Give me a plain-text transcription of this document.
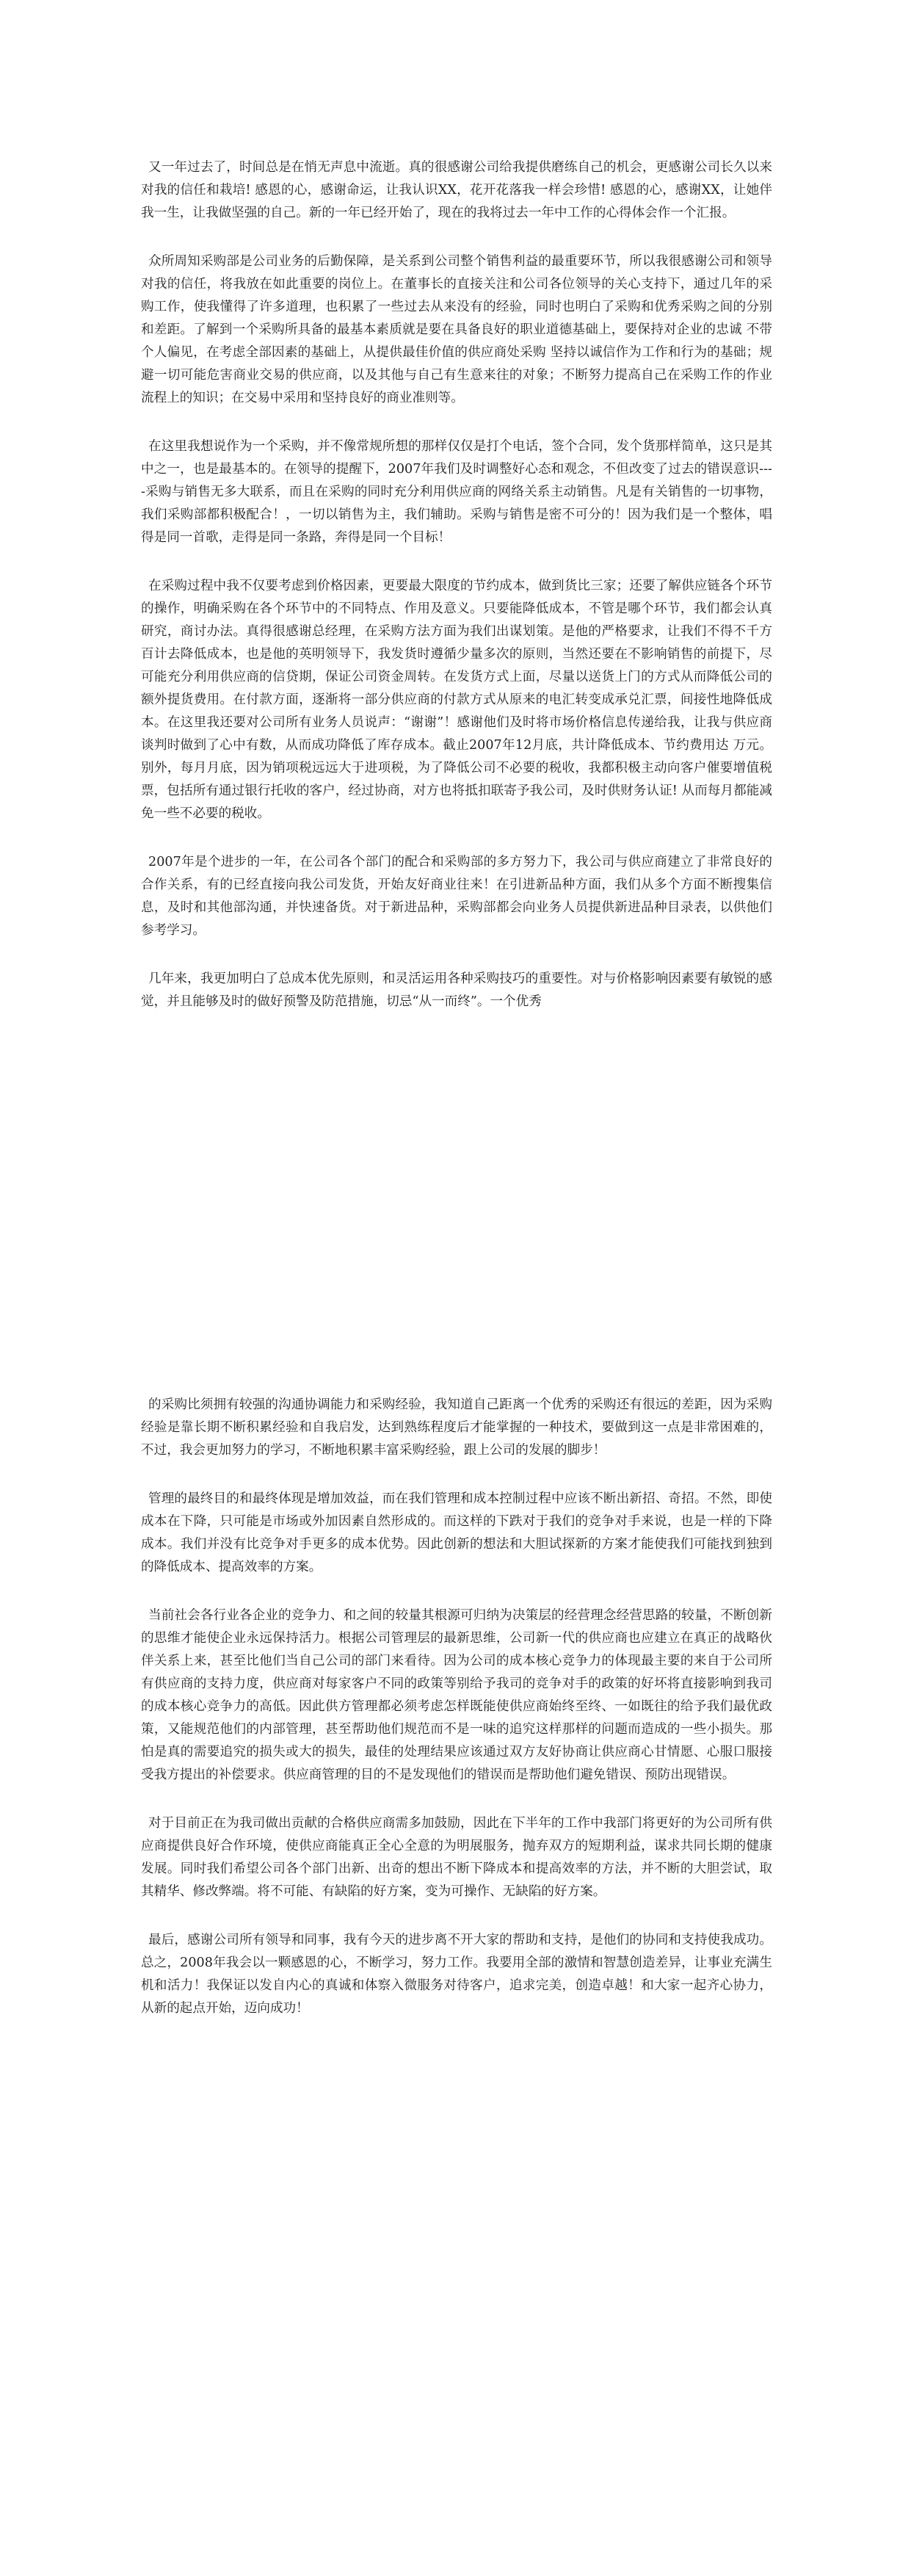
又一年过去了，时间总是在悄无声息中流逝。真的很感谢公司给我提供磨练自己的机会，更感谢公司长久以来对我的信任和栽培! 感恩的心，感谢命运，让我认识XX，花开花落我一样会珍惜! 感恩的心，感谢XX，让她伴我一生，让我做坚强的自己。新的一年已经开始了，现在的我将过去一年中工作的心得体会作一个汇报。

众所周知采购部是公司业务的后勤保障，是关系到公司整个销售利益的最重要环节，所以我很感谢公司和领导对我的信任，将我放在如此重要的岗位上。在董事长的直接关注和公司各位领导的关心支持下，通过几年的采购工作，使我懂得了许多道理，也积累了一些过去从来没有的经验，同时也明白了采购和优秀采购之间的分别和差距。了解到一个采购所具备的最基本素质就是要在具备良好的职业道德基础上，要保持对企业的忠诚 不带个人偏见，在考虑全部因素的基础上，从提供最佳价值的供应商处采购 坚持以诚信作为工作和行为的基础；规避一切可能危害商业交易的供应商，以及其他与自己有生意来往的对象；不断努力提高自己在采购工作的作业流程上的知识；在交易中采用和坚持良好的商业准则等。

在这里我想说作为一个采购，并不像常规所想的那样仅仅是打个电话，签个合同，发个货那样简单，这只是其中之一，也是最基本的。在领导的提醒下，2007年我们及时调整好心态和观念，不但改变了过去的错误意识----采购与销售无多大联系，而且在采购的同时充分利用供应商的网络关系主动销售。凡是有关销售的一切事物，我们采购部都积极配合！，一切以销售为主，我们辅助。采购与销售是密不可分的！因为我们是一个整体，唱得是同一首歌，走得是同一条路，奔得是同一个目标！

在采购过程中我不仅要考虑到价格因素，更要最大限度的节约成本，做到货比三家；还要了解供应链各个环节的操作，明确采购在各个环节中的不同特点、作用及意义。只要能降低成本，不管是哪个环节，我们都会认真研究，商讨办法。真得很感谢总经理，在采购方法方面为我们出谋划策。是他的严格要求，让我们不得不千方百计去降低成本，也是他的英明领导下，我发货时遵循少量多次的原则，当然还要在不影响销售的前提下，尽可能充分利用供应商的信贷期，保证公司资金周转。在发货方式上面，尽量以送货上门的方式从而降低公司的额外提货费用。在付款方面，逐渐将一部分供应商的付款方式从原来的电汇转变成承兑汇票，间接性地降低成本。在这里我还要对公司所有业务人员说声：“谢谢”！感谢他们及时将市场价格信息传递给我，让我与供应商谈判时做到了心中有数，从而成功降低了库存成本。截止2007年12月底，共计降低成本、节约费用达 万元。别外，每月月底，因为销项税远远大于进项税，为了降低公司不必要的税收，我都积极主动向客户催要增值税票，包括所有通过银行托收的客户，经过协商，对方也将抵扣联寄予我公司，及时供财务认证! 从而每月都能减免一些不必要的税收。

2007年是个进步的一年，在公司各个部门的配合和采购部的多方努力下，我公司与供应商建立了非常良好的合作关系，有的已经直接向我公司发货，开始友好商业往来！在引进新品种方面，我们从多个方面不断搜集信息，及时和其他部沟通，并快速备货。对于新进品种，采购部都会向业务人员提供新进品种目录表，以供他们参考学习。

几年来，我更加明白了总成本优先原则，和灵活运用各种采购技巧的重要性。对与价格影响因素要有敏锐的感觉，并且能够及时的做好预警及防范措施，切忌“从一而终”。一个优秀

的采购比须拥有较强的沟通协调能力和采购经验，我知道自己距离一个优秀的采购还有很远的差距，因为采购经验是靠长期不断积累经验和自我启发，达到熟练程度后才能掌握的一种技术，要做到这一点是非常困难的，不过，我会更加努力的学习，不断地积累丰富采购经验，跟上公司的发展的脚步！

管理的最终目的和最终体现是增加效益，而在我们管理和成本控制过程中应该不断出新招、奇招。不然，即使成本在下降，只可能是市场或外加因素自然形成的。而这样的下跌对于我们的竞争对手来说，也是一样的下降成本。我们并没有比竞争对手更多的成本优势。因此创新的想法和大胆试探新的方案才能使我们可能找到独到的降低成本、提高效率的方案。

当前社会各行业各企业的竞争力、和之间的较量其根源可归纳为决策层的经营理念经营思路的较量，不断创新的思维才能使企业永远保持活力。根据公司管理层的最新思维，公司新一代的供应商也应建立在真正的战略伙伴关系上来，甚至比他们当自己公司的部门来看待。因为公司的成本核心竞争力的体现最主要的来自于公司所有供应商的支持力度，供应商对每家客户不同的政策等别给予我司的竞争对手的政策的好坏将直接影响到我司的成本核心竞争力的高低。因此供方管理都必须考虑怎样既能使供应商始终至终、一如既往的给予我们最优政策，又能规范他们的内部管理，甚至帮助他们规范而不是一味的追究这样那样的问题而造成的一些小损失。那怕是真的需要追究的损失或大的损失，最佳的处理结果应该通过双方友好协商让供应商心甘情愿、心服口服接受我方提出的补偿要求。供应商管理的目的不是发现他们的错误而是帮助他们避免错误、预防出现错误。

对于目前正在为我司做出贡献的合格供应商需多加鼓励，因此在下半年的工作中我部门将更好的为公司所有供应商提供良好合作环境，使供应商能真正全心全意的为明展服务，抛弃双方的短期利益，谋求共同长期的健康发展。同时我们希望公司各个部门出新、出奇的想出不断下降成本和提高效率的方法，并不断的大胆尝试，取其精华、修改弊端。将不可能、有缺陷的好方案，变为可操作、无缺陷的好方案。

最后，感谢公司所有领导和同事，我有今天的进步离不开大家的帮助和支持，是他们的协同和支持使我成功。总之，2008年我会以一颗感恩的心，不断学习，努力工作。我要用全部的激情和智慧创造差异，让事业充满生机和活力！我保证以发自内心的真诚和体察入微服务对待客户，追求完美，创造卓越！和大家一起齐心协力，从新的起点开始，迈向成功！
